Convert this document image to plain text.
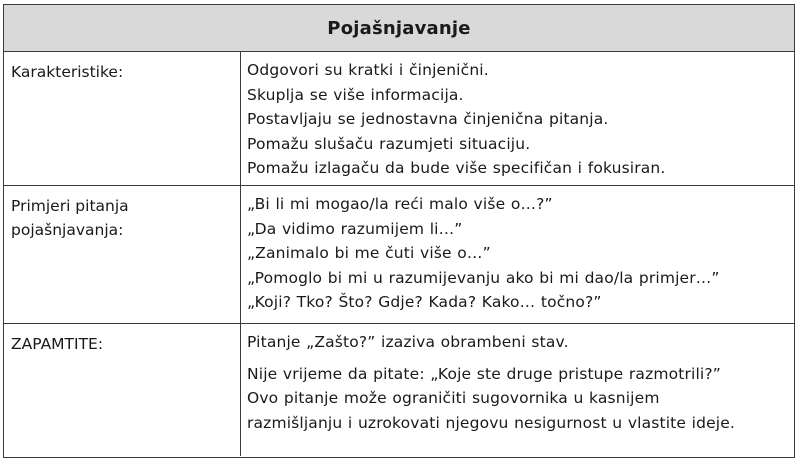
Pojašnjavanje
Karakteristike:	Odgovori su kratki i činjenični.
Skuplja se više informacija.
Postavljaju se jednostavna činjenična pitanja.
Pomažu slušaču razumjeti situaciju.
Pomažu izlagaču da bude više specifičan i fokusiran.
Primjeri pitanja
pojašnjavanja:
„Bi li mi mogao/la reći malo više o…?”
„Da vidimo razumijem li…”
„Zanimalo bi me čuti više o…”
„Pomoglo bi mi u razumijevanju ako bi mi dao/la primjer…”
„Koji? Tko? Što? Gdje? Kada? Kako… točno?”
ZAPAMTITE:	Pitanje „Zašto?” izaziva obrambeni stav.
Nije vrijeme da pitate: „Koje ste druge pristupe razmotrili?”
Ovo pitanje može ograničiti sugovornika u kasnijem
razmišljanju i uzrokovati njegovu nesigurnost u vlastite ideje.
